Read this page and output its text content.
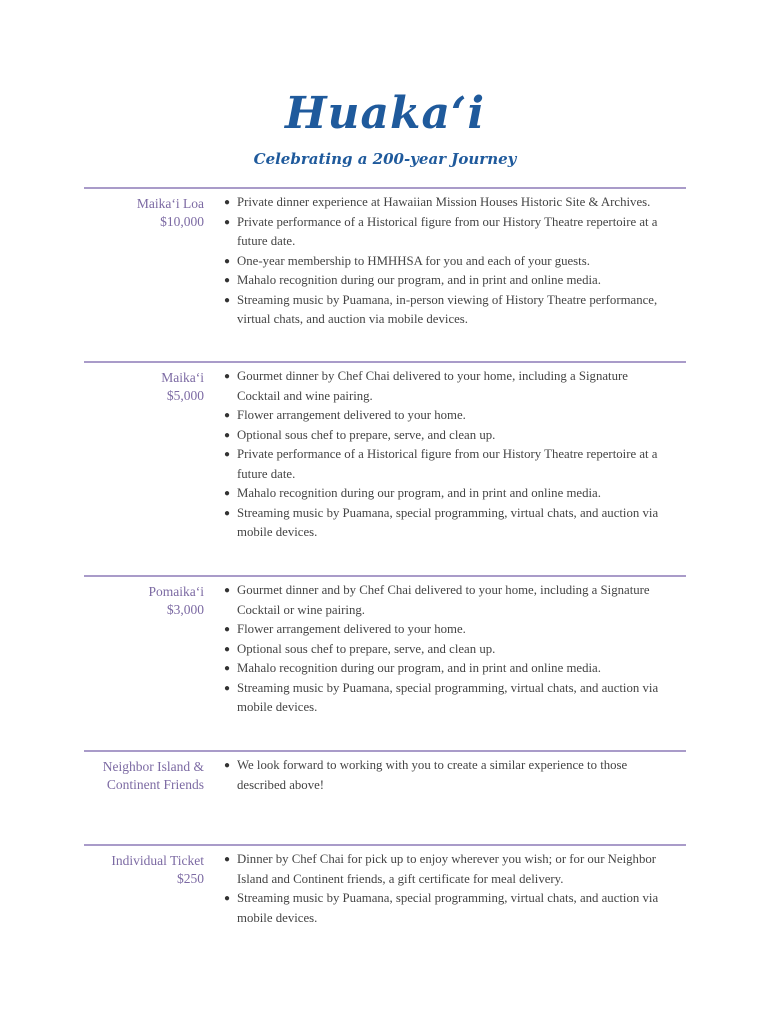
Huakaʻi
Celebrating a 200-year Journey
Maikaʻi Loa
$10,000
● Private dinner experience at Hawaiian Mission Houses Historic Site & Archives.
● Private performance of a Historical figure from our History Theatre repertoire at a future date.
● One-year membership to HMHHSA for you and each of your guests.
● Mahalo recognition during our program, and in print and online media.
● Streaming music by Puamana, in-person viewing of History Theatre performance, virtual chats, and auction via mobile devices.
Maikaʻi
$5,000
● Gourmet dinner by Chef Chai delivered to your home, including a Signature Cocktail and wine pairing.
● Flower arrangement delivered to your home.
● Optional sous chef to prepare, serve, and clean up.
● Private performance of a Historical figure from our History Theatre repertoire at a future date.
● Mahalo recognition during our program, and in print and online media.
● Streaming music by Puamana, special programming, virtual chats, and auction via mobile devices.
Pomaikaʻi
$3,000
● Gourmet dinner and by Chef Chai delivered to your home, including a Signature Cocktail or wine pairing.
● Flower arrangement delivered to your home.
● Optional sous chef to prepare, serve, and clean up.
● Mahalo recognition during our program, and in print and online media.
● Streaming music by Puamana, special programming, virtual chats, and auction via mobile devices.
Neighbor Island & Continent Friends
● We look forward to working with you to create a similar experience to those described above!
Individual Ticket
$250
● Dinner by Chef Chai for pick up to enjoy wherever you wish; or for our Neighbor Island and Continent friends, a gift certificate for meal delivery.
● Streaming music by Puamana, special programming, virtual chats, and auction via mobile devices.
